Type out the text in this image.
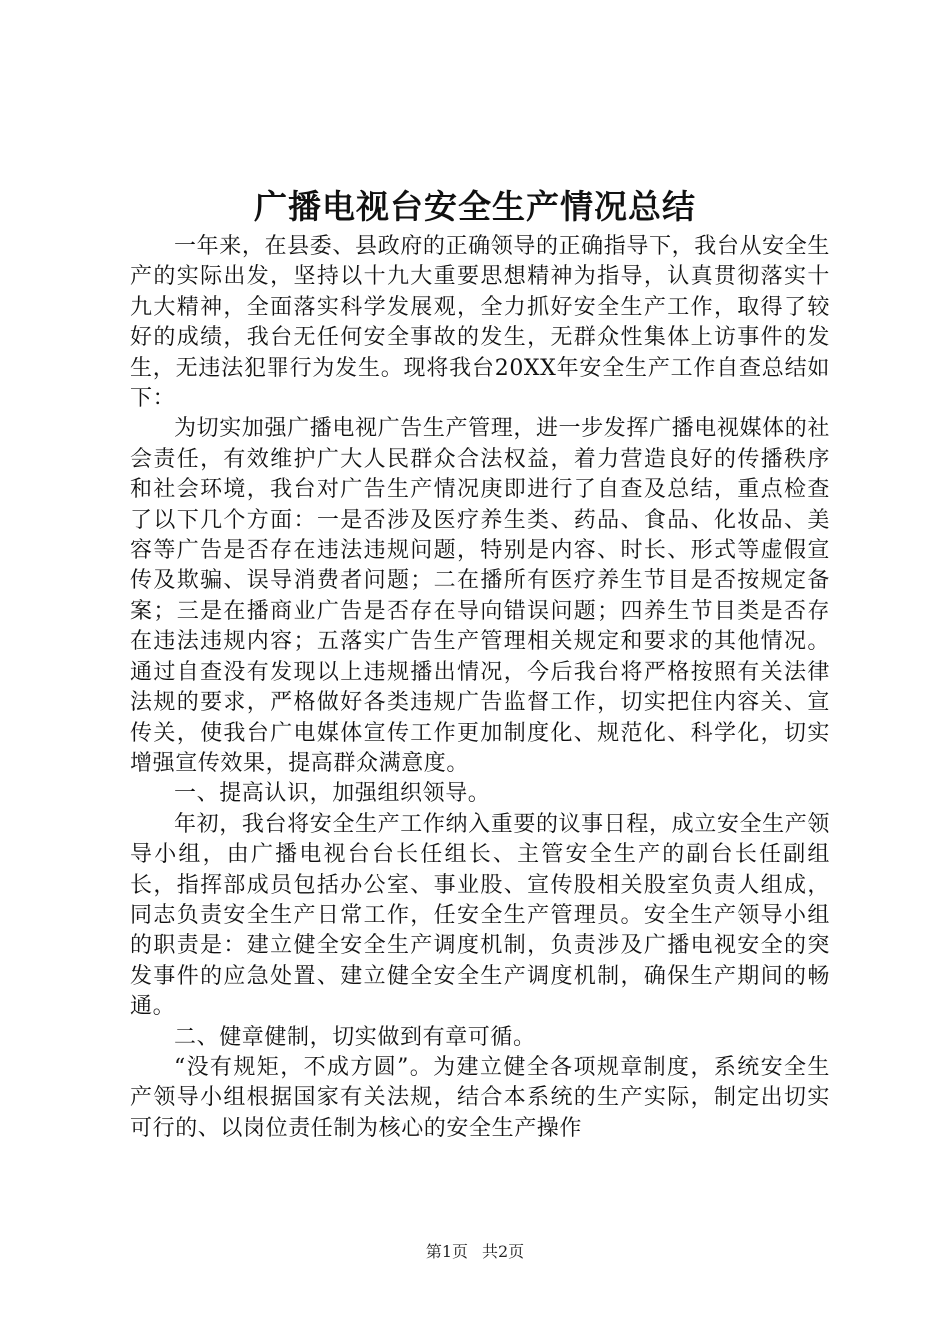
广播电视台安全生产情况总结

一年来，在县委、县政府的正确领导的正确指导下，我台从安全生产的实际出发，坚持以十九大重要思想精神为指导，认真贯彻落实十九大精神，全面落实科学发展观，全力抓好安全生产工作，取得了较好的成绩，我台无任何安全事故的发生，无群众性集体上访事件的发生，无违法犯罪行为发生。现将我台20XX年安全生产工作自查总结如下：

为切实加强广播电视广告生产管理，进一步发挥广播电视媒体的社会责任，有效维护广大人民群众合法权益，着力营造良好的传播秩序和社会环境，我台对广告生产情况庚即进行了自查及总结，重点检查了以下几个方面：一是否涉及医疗养生类、药品、食品、化妆品、美容等广告是否存在违法违规问题，特别是内容、时长、形式等虚假宣传及欺骗、误导消费者问题；二在播所有医疗养生节目是否按规定备案；三是在播商业广告是否存在导向错误问题；四养生节目类是否存在违法违规内容；五落实广告生产管理相关规定和要求的其他情况。通过自查没有发现以上违规播出情况，今后我台将严格按照有关法律法规的要求，严格做好各类违规广告监督工作，切实把住内容关、宣传关，使我台广电媒体宣传工作更加制度化、规范化、科学化，切实增强宣传效果，提高群众满意度。

一、提高认识，加强组织领导。

年初，我台将安全生产工作纳入重要的议事日程，成立安全生产领导小组，由广播电视台台长任组长、主管安全生产的副台长任副组长，指挥部成员包括办公室、事业股、宣传股相关股室负责人组成，同志负责安全生产日常工作，任安全生产管理员。安全生产领导小组的职责是：建立健全安全生产调度机制，负责涉及广播电视安全的突发事件的应急处置、建立健全安全生产调度机制，确保生产期间的畅通。

二、健章健制，切实做到有章可循。

“没有规矩，不成方圆”。为建立健全各项规章制度，系统安全生产领导小组根据国家有关法规，结合本系统的生产实际，制定出切实可行的、以岗位责任制为核心的安全生产操作

第1页 共2页
